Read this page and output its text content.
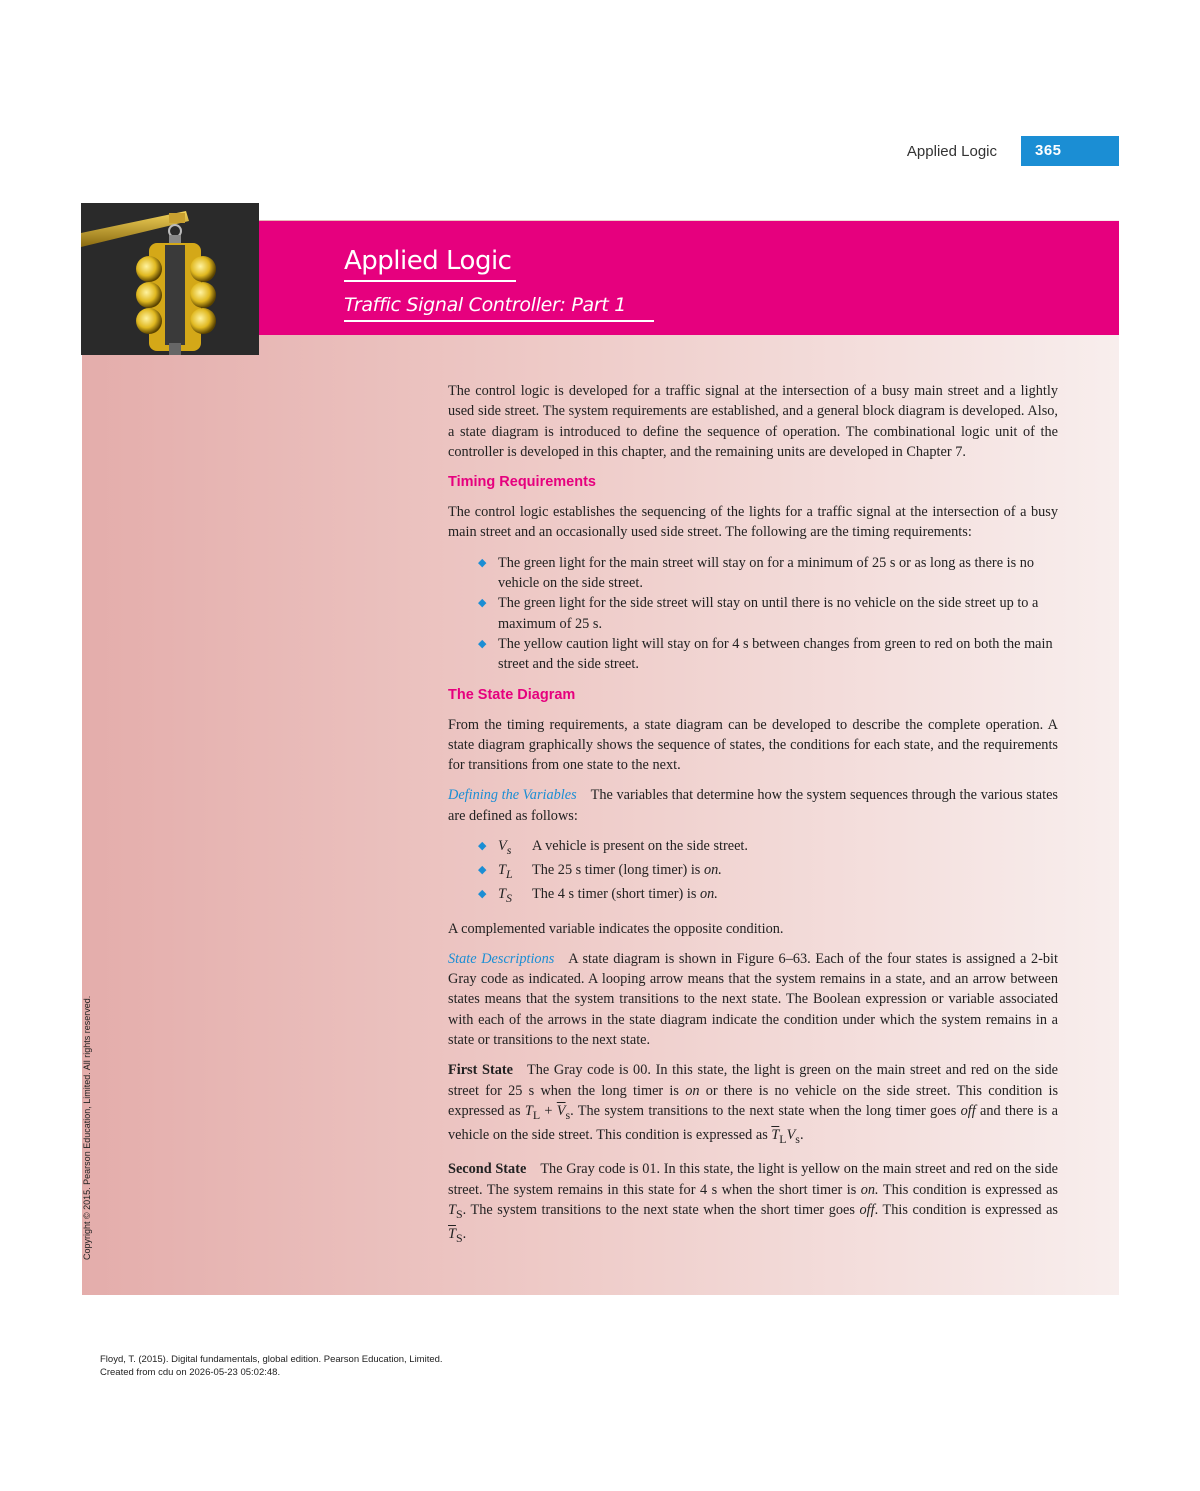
Applied Logic	365
Applied Logic
Traffic Signal Controller: Part 1

The control logic is developed for a traffic signal at the intersection of a busy main street and a lightly used side street. The system requirements are established, and a general block diagram is developed. Also, a state diagram is introduced to define the sequence of operation. The combinational logic unit of the controller is developed in this chapter, and the remaining units are developed in Chapter 7.

Timing Requirements

The control logic establishes the sequencing of the lights for a traffic signal at the intersection of a busy main street and an occasionally used side street. The following are the timing requirements:

◆ The green light for the main street will stay on for a minimum of 25 s or as long as there is no vehicle on the side street.
◆ The green light for the side street will stay on until there is no vehicle on the side street up to a maximum of 25 s.
◆ The yellow caution light will stay on for 4 s between changes from green to red on both the main street and the side street.
The State Diagram

From the timing requirements, a state diagram can be developed to describe the complete operation. A state diagram graphically shows the sequence of states, the conditions for each state, and the requirements for transitions from one state to the next.

Defining the Variables The variables that determine how the system sequences through the various states are defined as follows:

◆ $V_s$ A vehicle is present on the side street.
◆ $T_L$ The 25 s timer (long timer) is on.
◆ $T_S$ The 4 s timer (short timer) is on.

A complemented variable indicates the opposite condition.

State Descriptions A state diagram is shown in Figure 6–63. Each of the four states is assigned a 2-bit Gray code as indicated. A looping arrow means that the system remains in a state, and an arrow between states means that the system transitions to the next state. The Boolean expression or variable associated with each of the arrows in the state diagram indicate the condition under which the system remains in a state or transitions to the next state.

First State The Gray code is 00. In this state, the light is green on the main street and red on the side street for 25 s when the long timer is on or there is no vehicle on the side street. This condition is expressed as $T_L + \overline{V}_s$. The system transitions to the next state when the long timer goes off and there is a vehicle on the side street. This condition is expressed as $\overline{T}_LV_s$.

Second State The Gray code is 01. In this state, the light is yellow on the main street and red on the side street. The system remains in this state for 4 s when the short timer is on. This condition is expressed as $T_S$. The system transitions to the next state when the short timer goes off. This condition is expressed as $\overline{T}_S$.

Copyright © 2015. Pearson Education, Limited. All rights reserved.
Floyd, T. (2015). Digital fundamentals, global edition. Pearson Education, Limited.
Created from cdu on 2026-05-23 05:02:48.
